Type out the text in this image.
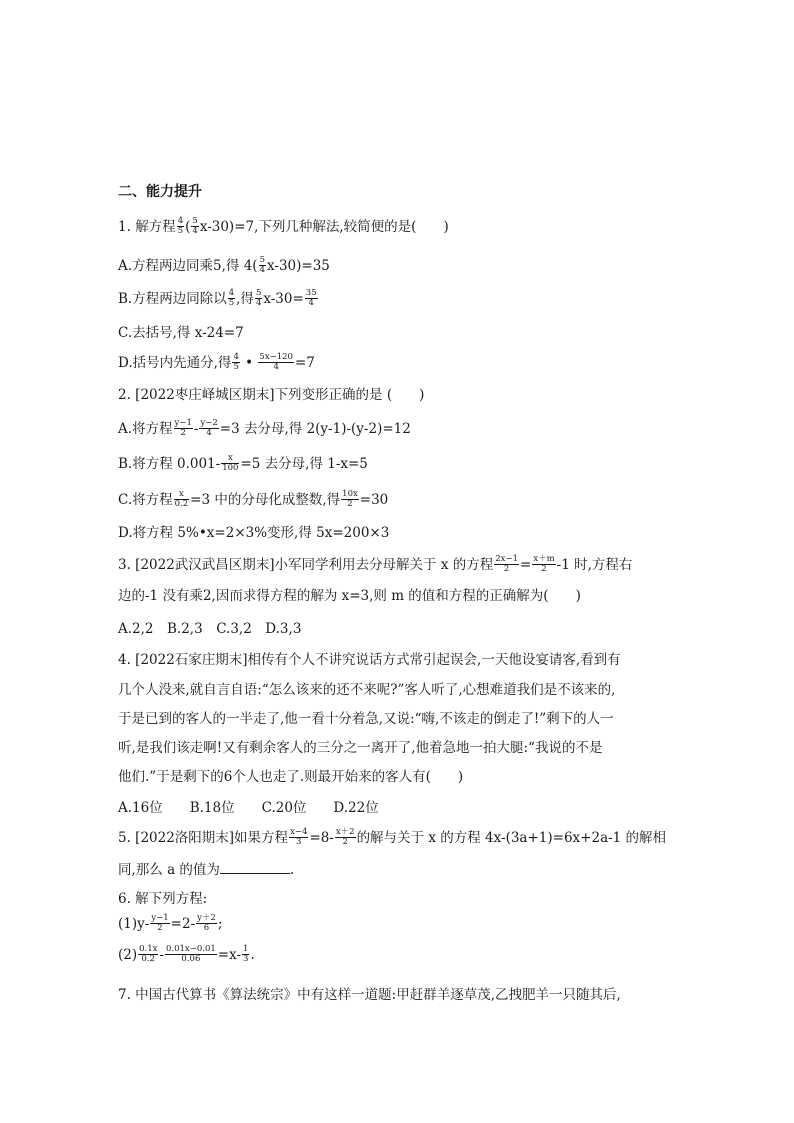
二、能力提升
1. 解方程 $\frac{4}{5}$ ( $\frac{5}{4} x-30)=7$,下列几种解法,较简便的是(　　)
A.方程两边同乘5,得 $4( \frac{5}{4} x-30)=35$
B.方程两边同除以 $\frac{4}{5}$ ,得 $\frac{5}{4} x-30= \frac{35}{4}$
C.去括号,得 x-24=7
D.括号内先通分,得 $\frac{4}{5}$ • $\frac{5x-120}{4} =7$
2. [2022枣庄峄城区期末]下列变形正确的是 (　　)
A.将方程 $\frac{y-1}{2} - \frac{y-2}{4} =3$ 去分母,得 2(y-1)-(y-2)=12
B.将方程 $0.001- \frac{x}{100} =5$ 去分母,得 1-x=5
C.将方程 $\frac{x}{0.2} =3$ 中的分母化成整数,得 $\frac{10x}{2} =30$
D.将方程 5%•x=2×3%变形,得 5x=200×3
3. [2022武汉武昌区期末]小军同学利用去分母解关于 x 的方程 $\frac{2x-1}{2} = \frac{x+m}{2} -1$ 时,方程右
边的-1 没有乘2,因而求得方程的解为 x=3,则 m 的值和方程的正确解为(　　)
A.2,2　B.2,3　C.3,2　D.3,3
4. [2022石家庄期末]相传有个人不讲究说话方式常引起误会,一天他设宴请客,看到有
几个人没来,就自言自语:“怎么该来的还不来呢?”客人听了,心想难道我们是不该来的,
于是已到的客人的一半走了,他一看十分着急,又说:“嗨,不该走的倒走了!”剩下的人一
听,是我们该走啊!又有剩余客人的三分之一离开了,他着急地一拍大腿:“我说的不是
他们.”于是剩下的6个人也走了.则最开始来的客人有(　　)
A.16位　　B.18位　　C.20位　　D.22位
5. [2022洛阳期末]如果方程 $\frac{x-4}{3} =8- \frac{x+2}{2}$ 的解与关于 x 的方程 4x-(3a+1)=6x+2a-1 的解相
同,那么 a 的值为	.
6. 解下列方程:
$(1)y- \frac{y-1}{2} =2- \frac{y+2}{6}$ ;
$(2) \frac{0.1x}{0.2} - \frac{0.01x-0.01}{0.06} =x- \frac{1}{3}$ .
7. 中国古代算书《算法统宗》中有这样一道题:甲赶群羊逐草茂,乙拽肥羊一只随其后,
